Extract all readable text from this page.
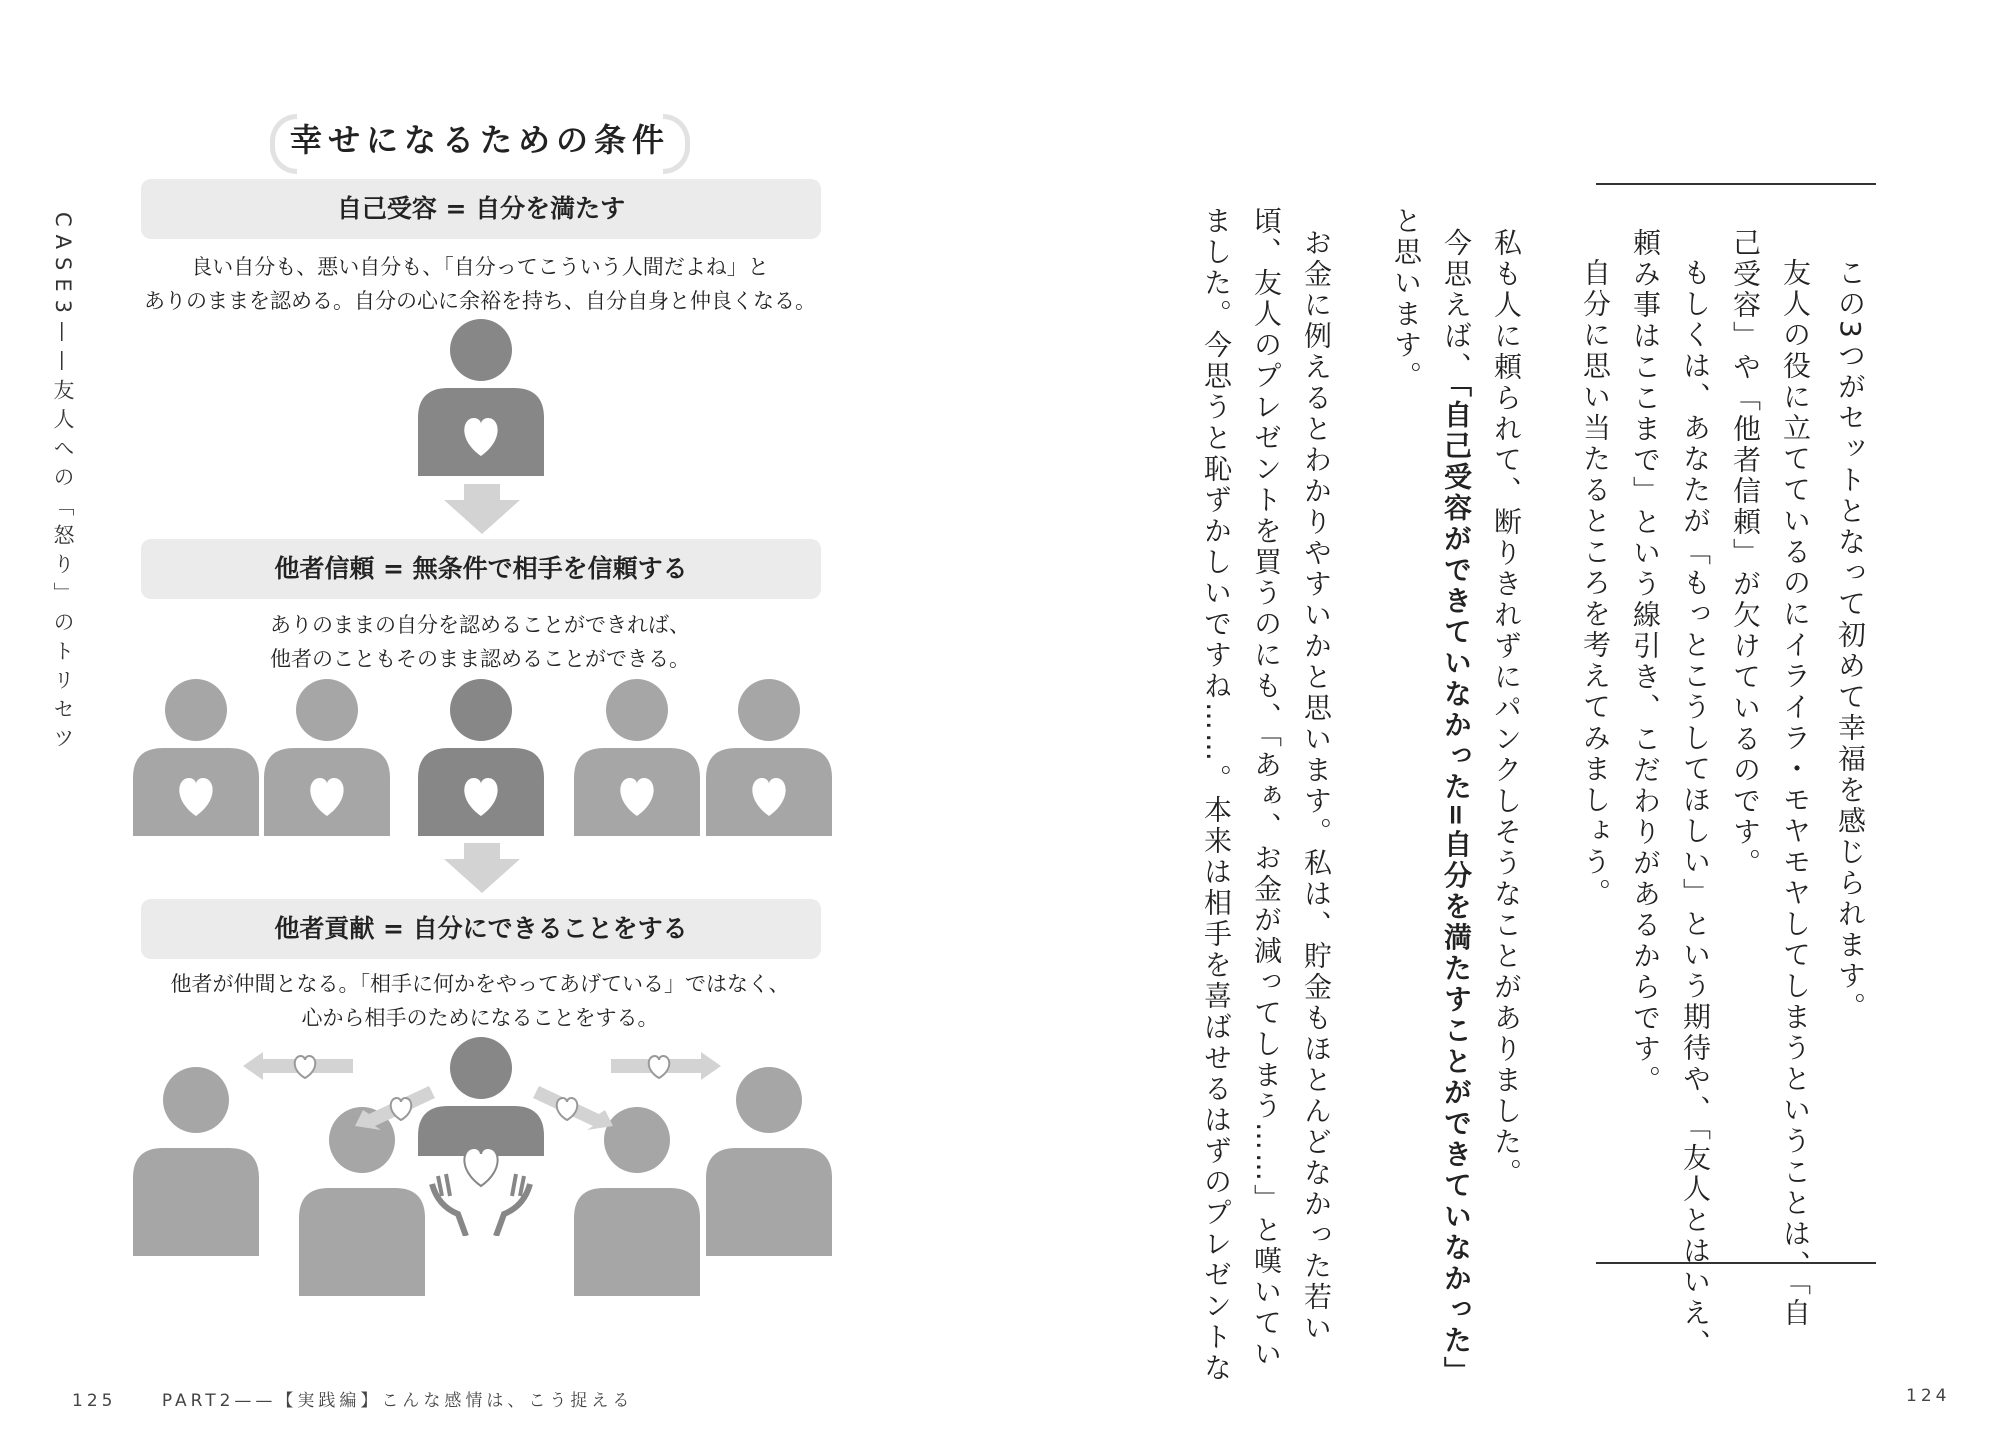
CASE3——友人への「怒り」のトリセツ
幸せになるための条件
自己受容 = 自分を満たす
良い自分も、悪い自分も、「自分ってこういう人間だよね」と
ありのままを認める。自分の心に余裕を持ち、自分自身と仲良くなる。
他者信頼 = 無条件で相手を信頼する
ありのままの自分を認めることができれば、
他者のこともそのまま認めることができる。
他者貢献 = 自分にできることをする
他者が仲間となる。「相手に何かをやってあげている」ではなく、
心から相手のためになることをする。	この3つがセットとなって初めて幸福を感じられます。
友人の役に立てているのにイライラ・モヤモヤしてしまうということは、「自
己受容」や「他者信頼」が欠けているのです。
もしくは、あなたが「もっとこうしてほしい」という期待や、「友人とはいえ、
頼み事はここまで」という線引き、こだわりがあるからです。
自分に思い当たるところを考えてみましょう。
私も人に頼られて、断りきれずにパンクしそうなことがありました。
今思えば、「自己受容ができていなかった=自分を満たすことができていなかった」
と思います。
お金に例えるとわかりやすいかと思います。私は、貯金もほとんどなかった若い
頃、友人のプレゼントを買うのにも、「あぁ、お金が減ってしまう……」と嘆いてい
ました。今思うと恥ずかしいですね……。本来は相手を喜ばせるはずのプレゼントな
125	PART2——【実践編】こんな感情は、こう捉える	124
